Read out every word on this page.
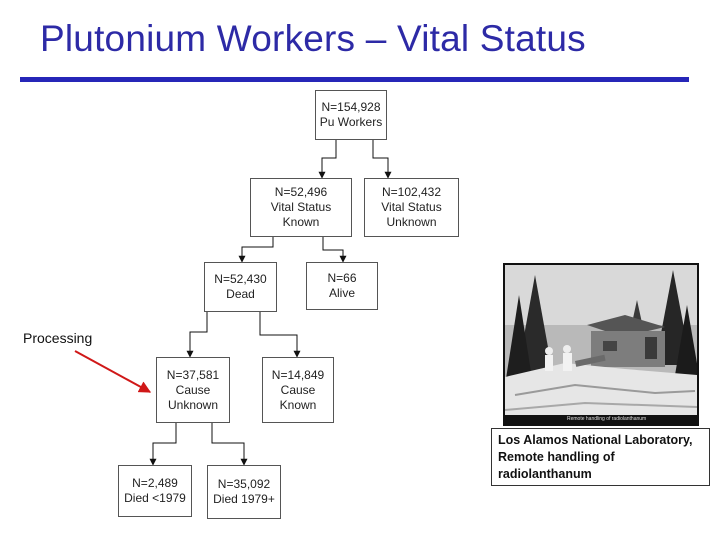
Plutonium Workers – Vital Status
N=154,928
Pu Workers
N=52,496
Vital Status
Known
N=102,432
Vital Status
Unknown
N=52,430
Dead
N=66
Alive
N=37,581
Cause
Unknown
N=14,849
Cause
Known
N=2,489
Died <1979
N=35,092
Died 1979+
Processing
Remote handling of radiolanthanum
Los Alamos National Laboratory, Remote handling of radiolanthanum
